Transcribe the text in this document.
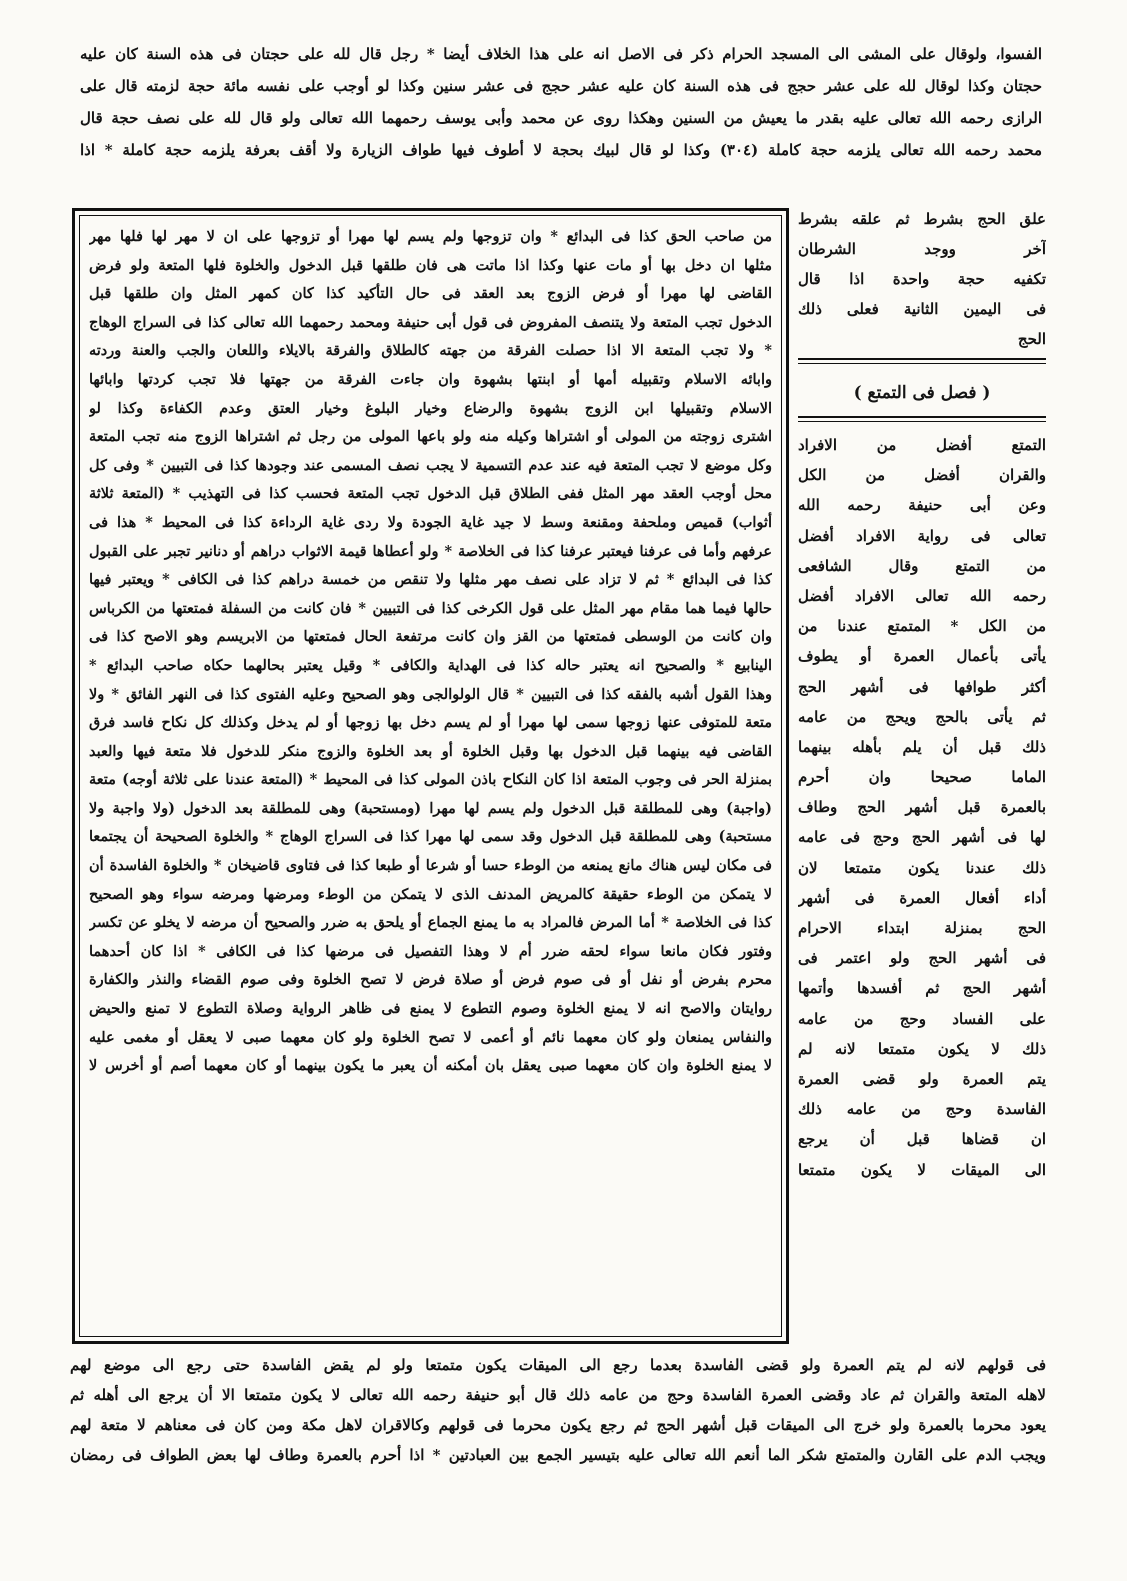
الفسوا، ولوقال على المشى الى المسجد الحرام ذكر فى الاصل انه على هذا الخلاف أيضا * رجل قال لله على حجتان فى هذه السنة كان عليه
حجتان وكذا لوقال لله على عشر حجج فى هذه السنة كان عليه عشر حجج فى عشر سنين وكذا لو أوجب على نفسه مائة حجة لزمته قال على
الرازى رحمه الله تعالى عليه بقدر ما يعيش من السنين وهكذا روى عن محمد وأبى يوسف رحمهما الله تعالى ولو قال لله على نصف حجة قال
محمد رحمه الله تعالى يلزمه حجة كاملة (٣٠٤) وكذا لو قال لبيك بحجة لا أطوف فيها طواف الزيارة ولا أقف بعرفة يلزمه حجة كاملة * اذا
من صاحب الحق كذا فى البدائع * وان تزوجها ولم يسم لها مهرا أو تزوجها على ان لا مهر لها فلها مهر
مثلها ان دخل بها أو مات عنها وكذا اذا ماتت هى فان طلقها قبل الدخول والخلوة فلها المتعة ولو فرض
القاضى لها مهرا أو فرض الزوج بعد العقد فى حال التأكيد كذا كان كمهر المثل وان طلقها قبل
الدخول تجب المتعة ولا يتنصف المفروض فى قول أبى حنيفة ومحمد رحمهما الله تعالى كذا فى السراج الوهاج
* ولا تجب المتعة الا اذا حصلت الفرقة من جهته كالطلاق والفرقة بالايلاء واللعان والجب والعنة وردته
وابائه الاسلام وتقبيله أمها أو ابنتها بشهوة وان جاءت الفرقة من جهتها فلا تجب كردتها وابائها
الاسلام وتقبيلها ابن الزوج بشهوة والرضاع وخيار البلوغ وخيار العتق وعدم الكفاءة وكذا لو
اشترى زوجته من المولى أو اشتراها وكيله منه ولو باعها المولى من رجل ثم اشتراها الزوج منه تجب المتعة
وكل موضع لا تجب المتعة فيه عند عدم التسمية لا يجب نصف المسمى عند وجودها كذا فى التبيين * وفى كل
محل أوجب العقد مهر المثل ففى الطلاق قبل الدخول تجب المتعة فحسب كذا فى التهذيب * (المتعة ثلاثة
أثواب) قميص وملحفة ومقنعة وسط لا جيد غاية الجودة ولا ردى غاية الرداءة كذا فى المحيط * هذا فى
عرفهم وأما فى عرفنا فيعتبر عرفنا كذا فى الخلاصة * ولو أعطاها قيمة الاثواب دراهم أو دنانير تجبر على القبول
كذا فى البدائع * ثم لا تزاد على نصف مهر مثلها ولا تنقص من خمسة دراهم كذا فى الكافى * ويعتبر فيها
حالها فيما هما مقام مهر المثل على قول الكرخى كذا فى التبيين * فان كانت من السفلة فمتعتها من الكرباس
وان كانت من الوسطى فمتعتها من القز وان كانت مرتفعة الحال فمتعتها من الابريسم وهو الاصح كذا فى
الينابيع * والصحيح انه يعتبر حاله كذا فى الهداية والكافى * وقيل يعتبر بحالهما حكاه صاحب البدائع *
وهذا القول أشبه بالفقه كذا فى التبيين * قال الولوالجى وهو الصحيح وعليه الفتوى كذا فى النهر الفائق * ولا
متعة للمتوفى عنها زوجها سمى لها مهرا أو لم يسم دخل بها زوجها أو لم يدخل وكذلك كل نكاح فاسد فرق
القاضى فيه بينهما قبل الدخول بها وقبل الخلوة أو بعد الخلوة والزوج منكر للدخول فلا متعة فيها والعبد
بمنزلة الحر فى وجوب المتعة اذا كان النكاح باذن المولى كذا فى المحيط * (المتعة عندنا على ثلاثة أوجه) متعة
(واجبة) وهى للمطلقة قبل الدخول ولم يسم لها مهرا (ومستحبة) وهى للمطلقة بعد الدخول (ولا واجبة ولا
مستحبة) وهى للمطلقة قبل الدخول وقد سمى لها مهرا كذا فى السراج الوهاج * والخلوة الصحيحة أن يجتمعا
فى مكان ليس هناك مانع يمنعه من الوطء حسا أو شرعا أو طبعا كذا فى فتاوى قاضيخان * والخلوة الفاسدة أن
لا يتمكن من الوطء حقيقة كالمريض المدنف الذى لا يتمكن من الوطء ومرضها ومرضه سواء وهو الصحيح
كذا فى الخلاصة * أما المرض فالمراد به ما يمنع الجماع أو يلحق به ضرر والصحيح أن مرضه لا يخلو عن تكسر
وفتور فكان مانعا سواء لحقه ضرر أم لا وهذا التفصيل فى مرضها كذا فى الكافى * اذا كان أحدهما
محرم بفرض أو نفل أو فى صوم فرض أو صلاة فرض لا تصح الخلوة وفى صوم القضاء والنذر والكفارة
روايتان والاصح انه لا يمنع الخلوة وصوم التطوع لا يمنع فى ظاهر الرواية وصلاة التطوع لا تمنع والحيض
والنفاس يمنعان ولو كان معهما نائم أو أعمى لا تصح الخلوة ولو كان معهما صبى لا يعقل أو مغمى عليه
لا يمنع الخلوة وان كان معهما صبى يعقل بان أمكنه أن يعبر ما يكون بينهما أو كان معهما أصم أو أخرس لا
علق الحج بشرط ثم علقه بشرط
آخر ووجد الشرطان
تكفيه حجة واحدة اذا قال
فى اليمين الثانية فعلى ذلك
الحج
( فصل فى التمتع )
التمتع أفضل من الافراد
والقران أفضل من الكل
وعن أبى حنيفة رحمه الله
تعالى فى رواية الافراد أفضل
من التمتع وقال الشافعى
رحمه الله تعالى الافراد أفضل
من الكل * المتمتع عندنا من
يأتى بأعمال العمرة أو يطوف
أكثر طوافها فى أشهر الحج
ثم يأتى بالحج ويحج من عامه
ذلك قبل أن يلم بأهله بينهما
الماما صحيحا وان أحرم
بالعمرة قبل أشهر الحج وطاف
لها فى أشهر الحج وحج فى عامه
ذلك عندنا يكون متمتعا لان
أداء أفعال العمرة فى أشهر
الحج بمنزلة ابتداء الاحرام
فى أشهر الحج ولو اعتمر فى
أشهر الحج ثم أفسدها وأتمها
على الفساد وحج من عامه
ذلك لا يكون متمتعا لانه لم
يتم العمرة ولو قضى العمرة
الفاسدة وحج من عامه ذلك
ان قضاها قبل أن يرجع
الى الميقات لا يكون متمتعا
فى قولهم لانه لم يتم العمرة ولو قضى الفاسدة بعدما رجع الى الميقات يكون متمتعا ولو لم يقض الفاسدة حتى رجع الى موضع لهم
لاهله المتعة والقران ثم عاد وقضى العمرة الفاسدة وحج من عامه ذلك قال أبو حنيفة رحمه الله تعالى لا يكون متمتعا الا أن يرجع الى أهله ثم
يعود محرما بالعمرة ولو خرج الى الميقات قبل أشهر الحج ثم رجع يكون محرما فى قولهم وكالاقران لاهل مكة ومن كان فى معناهم لا متعة لهم
ويجب الدم على القارن والمتمتع شكر الما أنعم الله تعالى عليه بتيسير الجمع بين العبادتين * اذا أحرم بالعمرة وطاف لها بعض الطواف فى رمضان
